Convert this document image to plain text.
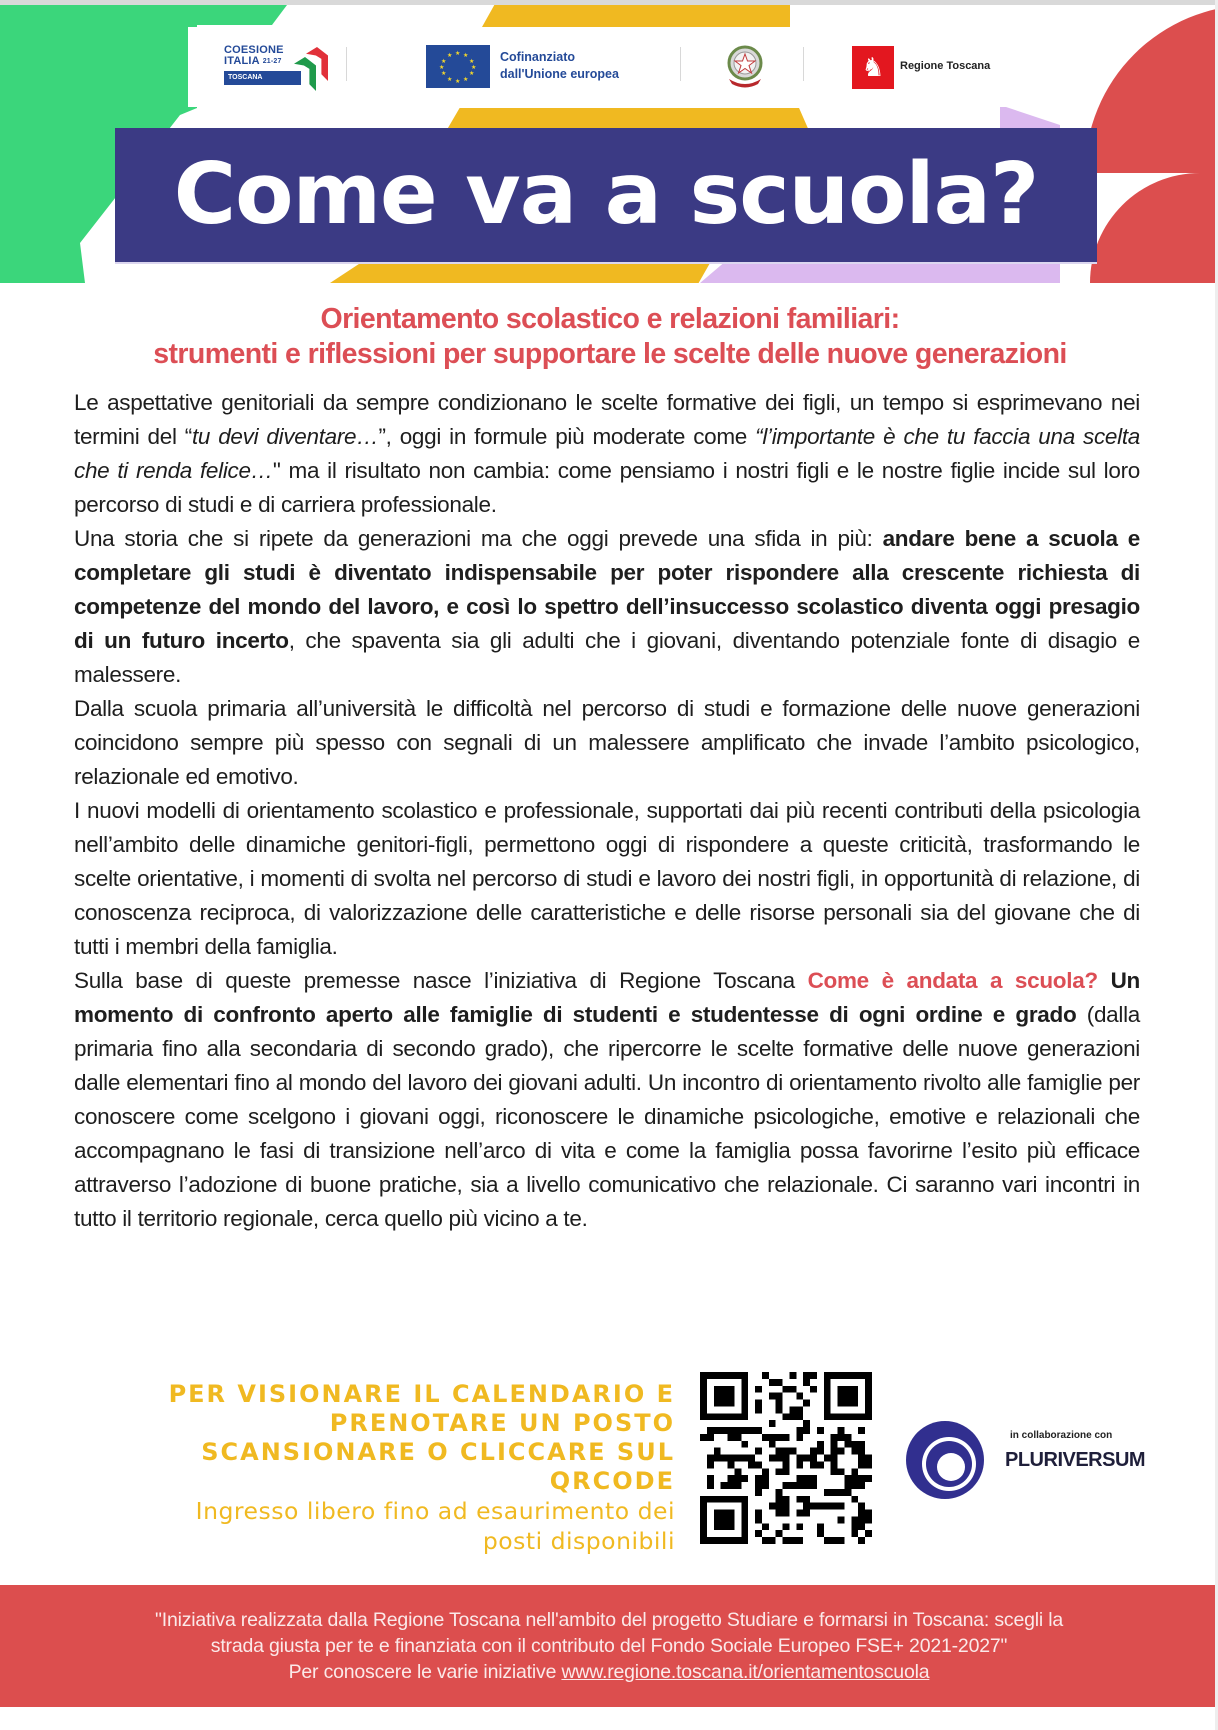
COESIONE
ITALIA $^{21-27}$
TOSCANA
★ ★
★
★
★
★
★
★
★
★
★
★	Cofinanziato
dall'Unione europea	♞	Regione Toscana
Come va a scuola?
Orientamento scolastico e relazioni familiari:
strumenti e riflessioni per supportare le scelte delle nuove generazioni

Le aspettative genitoriali da sempre condizionano le scelte formative dei figli, un tempo si esprimevano nei termini del “tu devi diventare…”, oggi in formule più moderate come “l’importante è che tu faccia una scelta che ti renda felice…" ma il risultato non cambia: come pensiamo i nostri figli e le nostre figlie incide sul loro percorso di studi e di carriera professionale.

Una storia che si ripete da generazioni ma che oggi prevede una sfida in più: andare bene a scuola e completare gli studi è diventato indispensabile per poter rispondere alla crescente richiesta di competenze del mondo del lavoro, e così lo spettro dell’insuccesso scolastico diventa oggi presagio di un futuro incerto, che spaventa sia gli adulti che i giovani, diventando potenziale fonte di disagio e malessere.

Dalla scuola primaria all’università le difficoltà nel percorso di studi e formazione delle nuove generazioni coincidono sempre più spesso con segnali di un malessere amplificato che invade l’ambito psicologico, relazionale ed emotivo.

I nuovi modelli di orientamento scolastico e professionale, supportati dai più recenti contributi della psicologia nell’ambito delle dinamiche genitori-figli, permettono oggi di rispondere a queste criticità, trasformando le scelte orientative, i momenti di svolta nel percorso di studi e lavoro dei nostri figli, in opportunità di relazione, di conoscenza reciproca, di valorizzazione delle caratteristiche e delle risorse personali sia del giovane che di tutti i membri della famiglia.

Sulla base di queste premesse nasce l’iniziativa di Regione Toscana Come è andata a scuola? Un momento di confronto aperto alle famiglie di studenti e studentesse di ogni ordine e grado (dalla primaria fino alla secondaria di secondo grado), che ripercorre le scelte formative delle nuove generazioni dalle elementari fino al mondo del lavoro dei giovani adulti. Un incontro di orientamento rivolto alle famiglie per conoscere come scelgono i giovani oggi, riconoscere le dinamiche psicologiche, emotive e relazionali che accompagnano le fasi di transizione nell’arco di vita e come la famiglia possa favorirne l’esito più efficace attraverso l’adozione di buone pratiche, sia a livello comunicativo che relazionale. Ci saranno vari incontri in tutto il territorio regionale, cerca quello più vicino a te.

PER VISIONARE IL CALENDARIO E
PRENOTARE UN POSTO
SCANSIONARE O CLICCARE SUL QRCODE
Ingresso libero fino ad esaurimento dei
posti disponibili
in collaborazione con
PLURIVERSUM
"Iniziativa realizzata dalla Regione Toscana nell'ambito del progetto Studiare e formarsi in Toscana: scegli la
strada giusta per te e finanziata con il contributo del Fondo Sociale Europeo FSE+ 2021-2027"
Per conoscere le varie iniziative www.regione.toscana.it/orientamentoscuola
